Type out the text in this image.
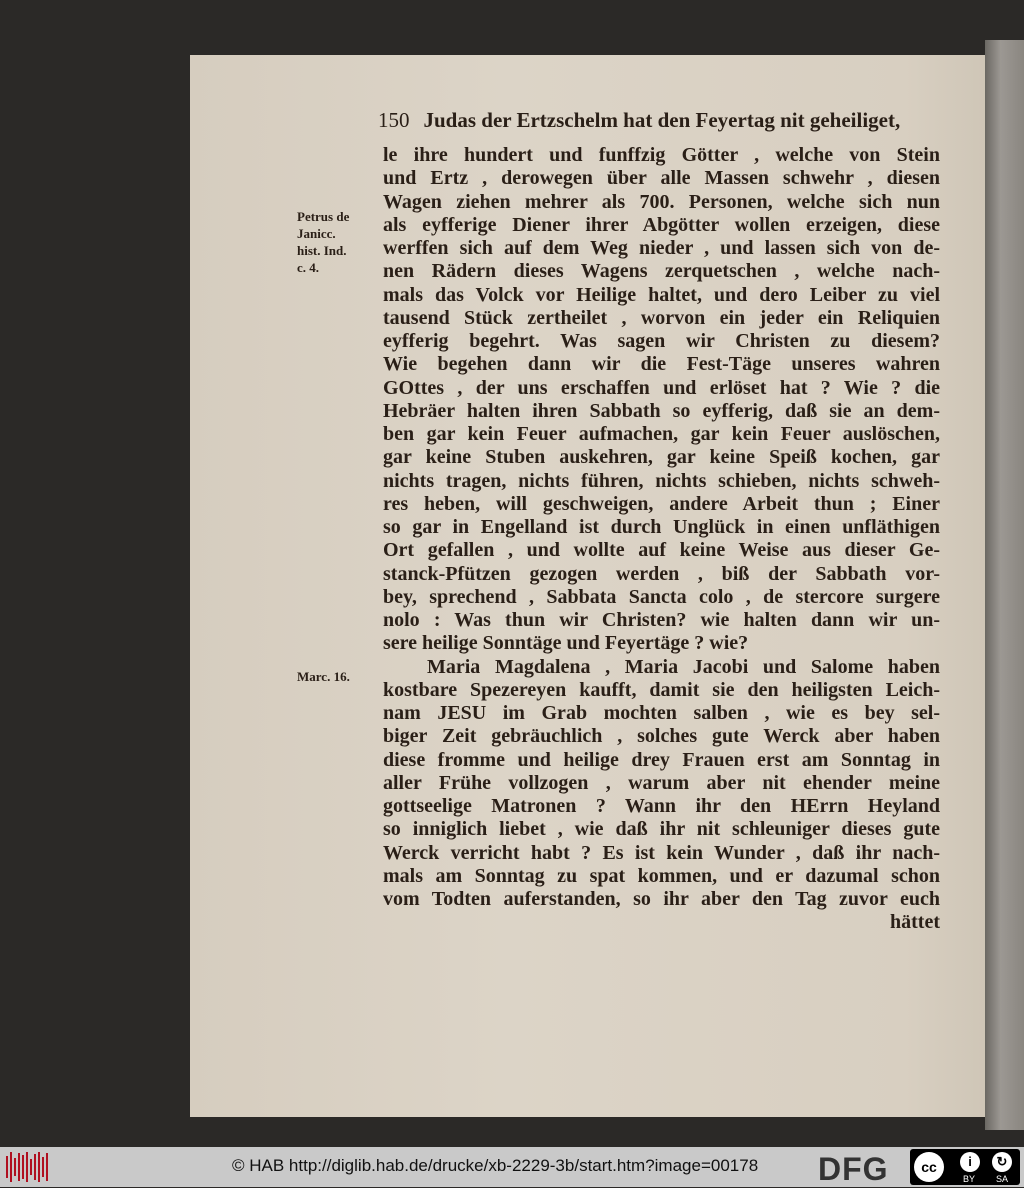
150 Judas der Ertzschelm hat den Feyertag nit geheiliget,
Petrus de
Janicc.
hist. Ind.
c. 4.
Marc. 16.
le ihre hundert und funffzig Götter , welche von Stein
und Ertz , derowegen über alle Massen schwehr , diesen
Wagen ziehen mehrer als 700. Personen, welche sich nun
als eyfferige Diener ihrer Abgötter wollen erzeigen, diese
werffen sich auf dem Weg nieder , und lassen sich von de-
nen Rädern dieses Wagens zerquetschen , welche nach-
mals das Volck vor Heilige haltet, und dero Leiber zu viel
tausend Stück zertheilet , worvon ein jeder ein Reliquien
eyfferig begehrt. Was sagen wir Christen zu diesem?
Wie begehen dann wir die Fest-Täge unseres wahren
GOttes , der uns erschaffen und erlöset hat ? Wie ? die
Hebräer halten ihren Sabbath so eyfferig, daß sie an dem-
ben gar kein Feuer aufmachen, gar kein Feuer auslöschen,
gar keine Stuben auskehren, gar keine Speiß kochen, gar
nichts tragen, nichts führen, nichts schieben, nichts schweh-
res heben, will geschweigen, andere Arbeit thun ; Einer
so gar in Engelland ist durch Unglück in einen unfläthigen
Ort gefallen , und wollte auf keine Weise aus dieser Ge-
stanck-Pfützen gezogen werden , biß der Sabbath vor-
bey, sprechend , Sabbata Sancta colo , de stercore surgere
nolo : Was thun wir Christen? wie halten dann wir un-
sere heilige Sonntäge und Feyertäge ? wie?
Maria Magdalena , Maria Jacobi und Salome haben
kostbare Spezereyen kaufft, damit sie den heiligsten Leich-
nam JESU im Grab mochten salben , wie es bey sel-
biger Zeit gebräuchlich , solches gute Werck aber haben
diese fromme und heilige drey Frauen erst am Sonntag in
aller Frühe vollzogen , warum aber nit ehender meine
gottseelige Matronen ? Wann ihr den HErrn Heyland
so inniglich liebet , wie daß ihr nit schleuniger dieses gute
Werck verricht habt ? Es ist kein Wunder , daß ihr nach-
mals am Sonntag zu spat kommen, und er dazumal schon
vom Todten auferstanden, so ihr aber den Tag zuvor euch
hättet
© HAB http://diglib.hab.de/drucke/xb-2229-3b/start.htm?image=00178 DFG	cc	i	↻
BY SA
